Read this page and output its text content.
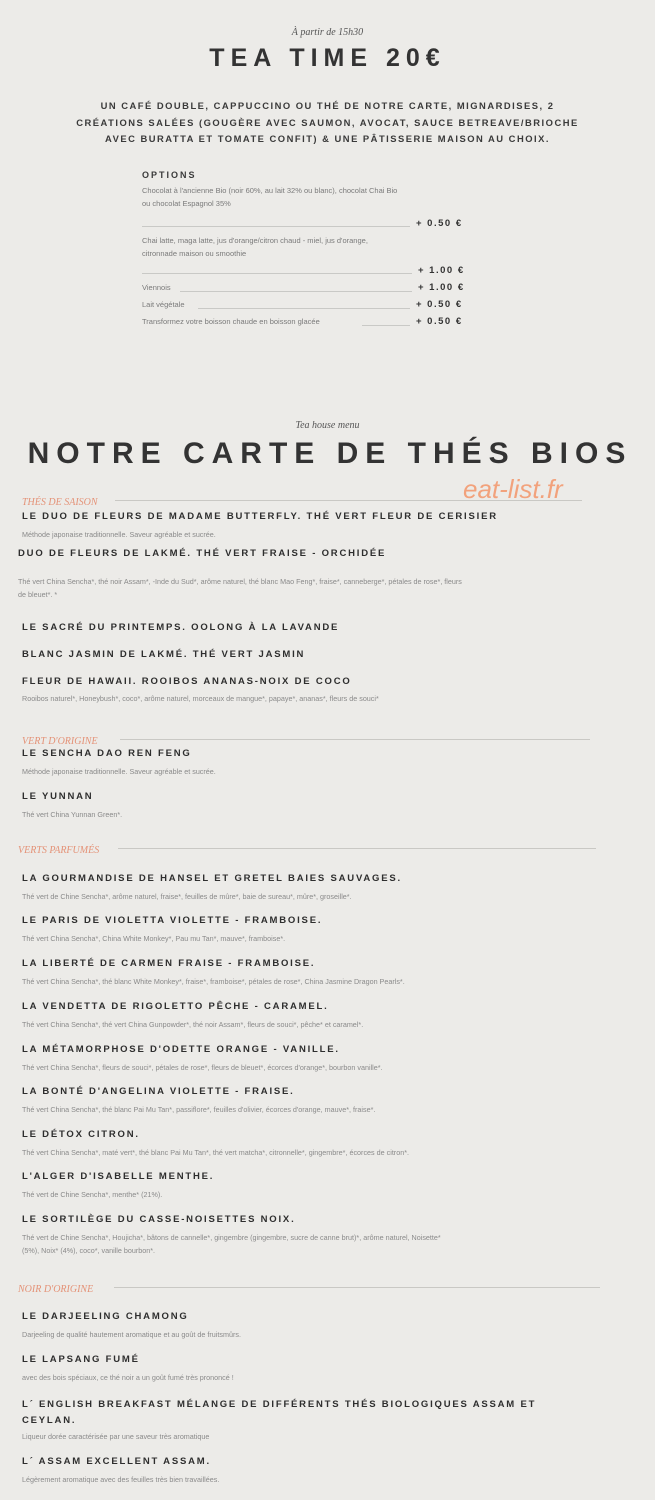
À partir de 15h30
TEA TIME 20€
UN CAFÉ DOUBLE, CAPPUCCINO OU THÉ DE NOTRE CARTE, MIGNARDISES, 2
CRÉATIONS SALÉES (GOUGÈRE AVEC SAUMON, AVOCAT, SAUCE BETREAVE/BRIOCHE
AVEC BURATTA ET TOMATE CONFIT) & UNE PÂTISSERIE MAISON AU CHOIX.
OPTIONS
Chocolat à l'ancienne Bio (noir 60%, au lait 32% ou blanc), chocolat Chai Bio
ou chocolat Espagnol 35%
+ 0.50 €
Chai latte, maga latte, jus d'orange/citron chaud - miel, jus d'orange,
citronnade maison ou smoothie
+ 1.00 €
Viennois	+ 1.00 €
Lait végétale	+ 0.50 €
Transformez votre boisson chaude en boisson glacée	+ 0.50 €
Tea house menu
NOTRE CARTE DE THÉS BIOS
eat-list.fr
THÉS DE SAISON
LE DUO DE FLEURS DE MADAME BUTTERFLY. THÉ VERT FLEUR DE CERISIER
Méthode japonaise traditionnelle. Saveur agréable et sucrée.
DUO DE FLEURS DE LAKMÉ. THÉ VERT FRAISE - ORCHIDÉE
Thé vert China Sencha*, thé noir Assam*, -Inde du Sud*, arôme naturel, thé blanc Mao Feng*, fraise*, canneberge*, pétales de rose*, fleurs
de bleuet*. *
LE SACRÉ DU PRINTEMPS. OOLONG À LA LAVANDE
BLANC JASMIN DE LAKMÉ. THÉ VERT JASMIN
FLEUR DE HAWAII. ROOIBOS ANANAS-NOIX DE COCO
Rooibos naturel*, Honeybush*, coco*, arôme naturel, morceaux de mangue*, papaye*, ananas*, fleurs de souci*
VERT D'ORIGINE
LE SENCHA DAO REN FENG
Méthode japonaise traditionnelle. Saveur agréable et sucrée.
LE YUNNAN
Thé vert China Yunnan Green*.
VERTS PARFUMÉS
LA GOURMANDISE DE HANSEL ET GRETEL BAIES SAUVAGES.
Thé vert de Chine Sencha*, arôme naturel, fraise*, feuilles de mûre*, baie de sureau*, mûre*, groseille*.
LE PARIS DE VIOLETTA VIOLETTE - FRAMBOISE.
Thé vert China Sencha*, China White Monkey*, Pau mu Tan*, mauve*, framboise*.
LA LIBERTÉ DE CARMEN FRAISE - FRAMBOISE.
Thé vert China Sencha*, thé blanc White Monkey*, fraise*, framboise*, pétales de rose*, China Jasmine Dragon Pearls*.
LA VENDETTA DE RIGOLETTO PÊCHE - CARAMEL.
Thé vert China Sencha*, thé vert China Gunpowder*, thé noir Assam*, fleurs de souci*, pêche* et caramel*.
LA MÉTAMORPHOSE D'ODETTE ORANGE - VANILLE.
Thé vert China Sencha*, fleurs de souci*, pétales de rose*, fleurs de bleuet*, écorces d'orange*, bourbon vanille*.
LA BONTÉ D'ANGELINA VIOLETTE - FRAISE.
Thé vert China Sencha*, thé blanc Pai Mu Tan*, passiflore*, feuilles d'olivier, écorces d'orange, mauve*, fraise*.
LE DÉTOX CITRON.
Thé vert China Sencha*, maté vert*, thé blanc Pai Mu Tan*, thé vert matcha*, citronnelle*, gingembre*, écorces de citron*.
L'ALGER D'ISABELLE MENTHE.
Thé vert de Chine Sencha*, menthe* (21%).
LE SORTILÈGE DU CASSE-NOISETTES NOIX.
Thé vert de Chine Sencha*, Houjicha*, bâtons de cannelle*, gingembre (gingembre, sucre de canne brut)*, arôme naturel, Noisette*
(5%), Noix* (4%), coco*, vanille bourbon*.
NOIR D'ORIGINE
LE DARJEELING CHAMONG
Darjeeling de qualité hautement aromatique et au goût de fruitsmûrs.
LE LAPSANG FUMÉ
avec des bois spéciaux, ce thé noir a un goût fumé très prononcé !
L´ ENGLISH BREAKFAST MÉLANGE DE DIFFÉRENTS THÉS BIOLOGIQUES ASSAM ET
CEYLAN.
Liqueur dorée caractérisée par une saveur très aromatique
L´ ASSAM EXCELLENT ASSAM.
Légèrement aromatique avec des feuilles très bien travaillées.
